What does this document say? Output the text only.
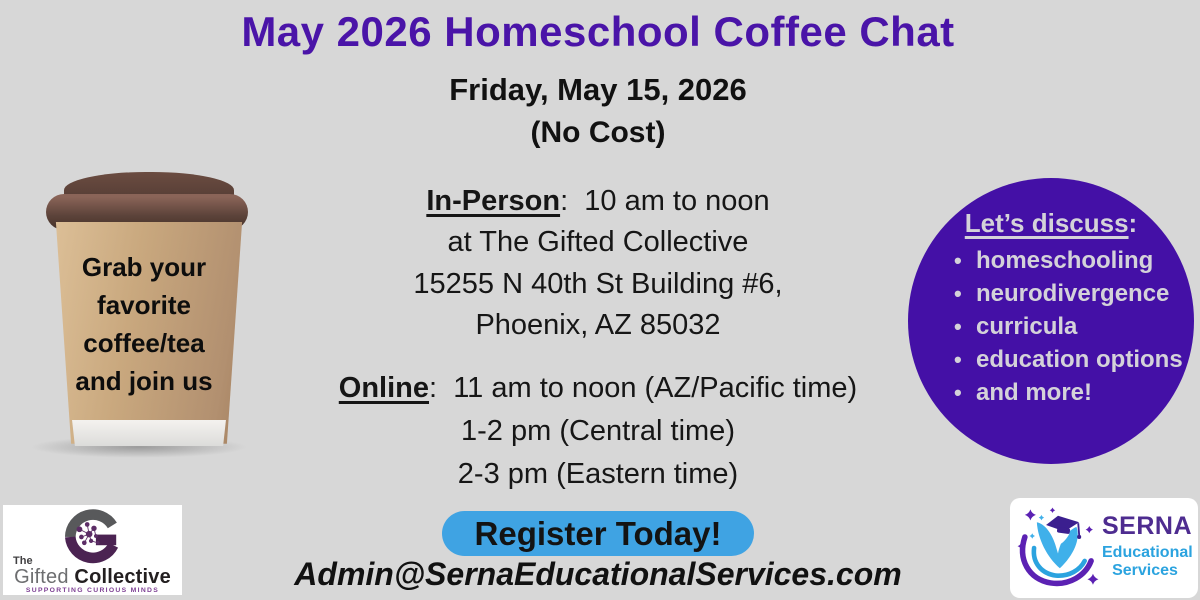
May 2026 Homeschool Coffee Chat
Friday, May 15, 2026
(No Cost)
Grab your
favorite
coffee/tea
and join us
In-Person:  10 am to noon
at The Gifted Collective
15255 N 40th St Building #6,
Phoenix, AZ 85032
Online:  11 am to noon (AZ/Pacific time)
1-2 pm (Central time)
2-3 pm (Eastern time)
Let’s discuss:
• homeschooling
• neurodivergence
• curricula
• education options
• and more!
Register Today!
Admin@SernaEducationalServices.com
The
Gifted Collective
SUPPORTING CURIOUS MINDS
SERNA
Educational
Services
